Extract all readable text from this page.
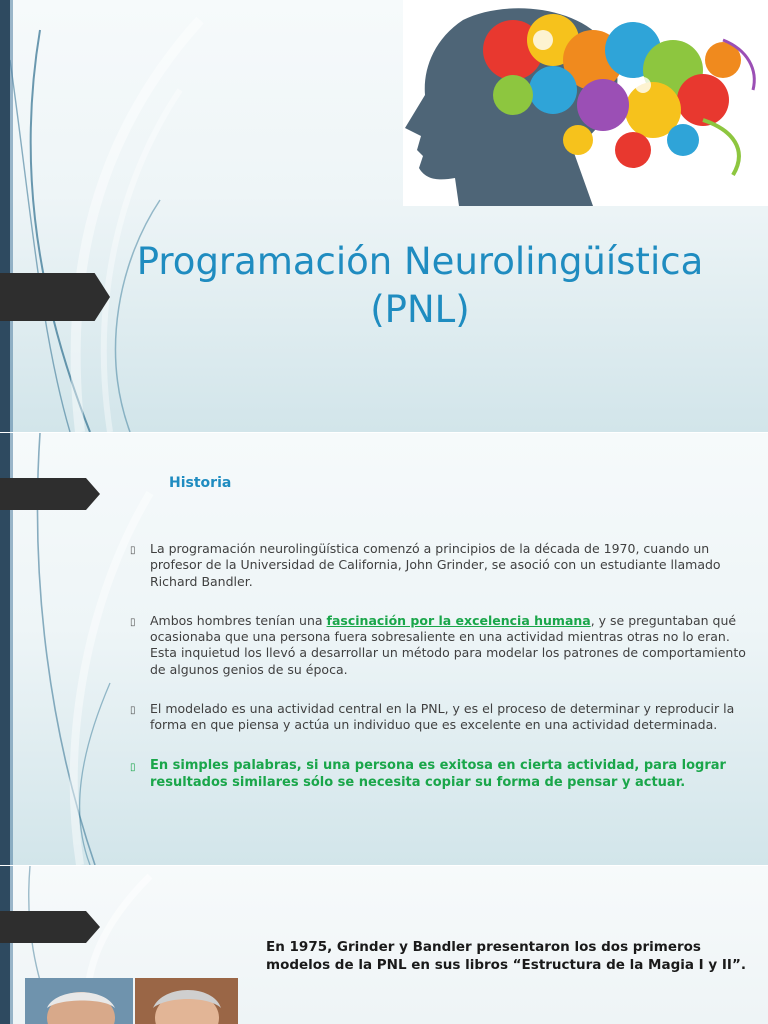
Programación Neurolingüística
(PNL)
Historia
▯ La programación neurolingüística comenzó a principios de la década de 1970, cuando un profesor de la Universidad de California, John Grinder, se asoció con un estudiante llamado Richard Bandler.
▯ Ambos hombres tenían una fascinación por la excelencia humana, y se preguntaban qué ocasionaba que una persona fuera sobresaliente en una actividad mientras otras no lo eran. Esta inquietud los llevó a desarrollar un método para modelar los patrones de comportamiento de algunos genios de su época.
▯ El modelado es una actividad central en la PNL, y es el proceso de determinar y reproducir la forma en que piensa y actúa un individuo que es excelente en una actividad determinada.
▯ En simples palabras, si una persona es exitosa en cierta actividad, para lograr resultados similares sólo se necesita copiar su forma de pensar y actuar.
En 1975, Grinder y Bandler presentaron los dos primeros modelos de la PNL en sus libros “Estructura de la Magia I y II”.
